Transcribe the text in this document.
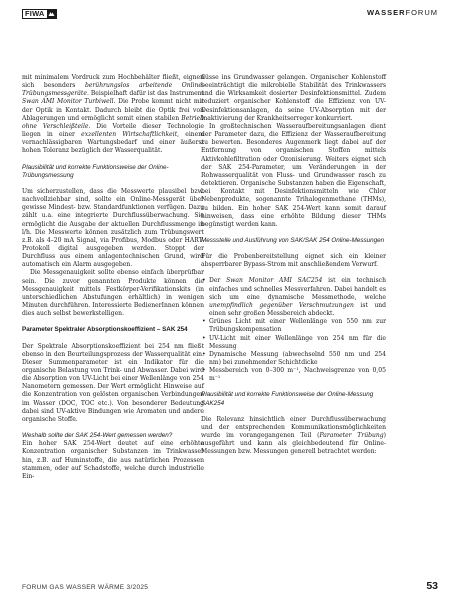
FIWA	WASSERFORUM

mit minimalem Vordruck zum Hochbehälter fließt, eignen sich besonders berührungslos arbeitende Online-Trübungsmessgeräte. Beispielhaft dafür ist das Instrument Swan AMI Monitor Turbiwell. Die Probe kommt nicht mit der Optik in Kontakt. Dadurch bleibt die Optik frei von Ablagerungen und ermöglicht somit einen stabilen Betrieb ohne Verschleißteile. Die Vorteile dieser Technologie liegen in einer exzellenten Wirtschaftlichkeit, einem vernachlässigbaren Wartungsbedarf und einer äußerst hohen Toleranz bezüglich der Wasserqualität.

Plausibilität und korrekte Funktionsweise der Online-Trübungsmessung

Um sicherzustellen, dass die Messwerte plausibel bzw. nachvollziehbar sind, sollte ein Online-Messgerät über gewisse Mindest- bzw. Standardfunktionen verfügen. Dazu zählt u.a. eine integrierte Durchflussüberwachung. Sie ermöglicht die Ausgabe der aktuellen Durchflussmenge in l/h. Die Messwerte können zusätzlich zum Trübungswert z.B. als 4–20 mA Signal, via Profibus, Modbus oder HART-Protokoll digital ausgegeben werden. Stoppt der Durchfluss aus einem anlagentechnischen Grund, wird automatisch ein Alarm ausgegeben.

Die Messgenauigkeit sollte ebenso einfach überprüfbar sein. Die zuvor genannten Produkte können die Messgenauigkeit mittels Festkörper-Verifikationskits (in unterschiedlichen Abstufungen erhältlich) in wenigen Minuten durchführen. Interessierte BedienerInnen können dies auch selbst bewerkstelligen.

Parameter Spektraler Absorptionskoeffizient – SAK 254

Der Spektrale Absorptionskoeffizient bei 254 nm fließt ebenso in den Beurteilungsprozess der Wasserqualität ein. Dieser Summenparameter ist ein Indikator für die organische Belastung von Trink- und Abwasser. Dabei wird die Absorption von UV-Licht bei einer Wellenlänge von 254 Nanometern gemessen. Der Wert ermöglicht Hinweise auf die Konzentration von gelösten organischen Verbindungen im Wasser (DOC, TOC etc.). Von besonderer Bedeutung dabei sind UV-aktive Bindungen wie Aromaten und andere organische Stoffe.

Weshalb sollte der SAK 254-Wert gemessen werden?

Ein hoher SAK 254-Wert deutet auf eine erhöhte Konzentration organischer Substanzen im Trinkwasser hin, z.B. auf Huminstoffe, die aus natürlichen Prozessen stammen, oder auf Schadstoffe, welche durch industrielle Ein-

flüsse ins Grundwasser gelangen. Organischer Kohlenstoff beeinträchtigt die mikrobielle Stabilität des Trinkwassers und die Wirksamkeit dosierter Desinfektionsmittel. Zudem reduziert organischer Kohlenstoff die Effizienz von UV-Desinfektionsanlagen, da seine UV-Absorption mit der Inaktivierung der Krankheitserreger konkurriert.

In großtechnischen Wasseraufbereitungsanlagen dient der Parameter dazu, die Effizienz der Wasseraufbereitung zu bewerten. Besonderes Augenmerk liegt dabei auf der Entfernung von organischen Stoffen mittels Aktivkohlefiltration oder Ozonisierung. Weiters eignet sich der SAK 254-Parameter, um Veränderungen in der Rohwasserqualität von Fluss- und Grundwasser rasch zu detektieren. Organische Substanzen haben die Eigenschaft, bei Kontakt mit Desinfektionsmitteln wie Chlor Nebenprodukte, sogenannte Trihalogenmethane (THMs), zu bilden. Ein hoher SAK 254-Wert kann somit darauf hinweisen, dass eine erhöhte Bildung dieser THMs begünstigt werden kann.

Messstelle und Ausführung von SAK/SAK 254 Online-Messungen

Für die Probenbereitstellung eignet sich ein kleiner absperrbarer Bypass-Strom mit anschließendem Verwurf.

• Der Swan Monitor AMI SAC254 ist ein technisch einfaches und schnelles Messverfahren. Dabei handelt es sich um eine dynamische Messmethode, welche unempfindlich gegenüber Verschmutzungen ist und einen sehr großen Messbereich abdeckt.
• Grünes Licht mit einer Wellenlänge von 550 nm zur Trübungskompensation
• UV-Licht mit einer Wellenlänge von 254 nm für die Messung
• Dynamische Messung (abwechselnd 550 nm und 254 nm) bei zunehmender Schichtdicke
• Messbereich von 0–300 m⁻¹, Nachweisgrenze von 0,05 m⁻¹
Plausibilität und korrekte Funktionsweise der Online-Messung SAK254

Die Relevanz hinsichtlich einer Durchflussüberwachung und der entsprechenden Kommunikationsmöglichkeiten wurde im vorangegangenen Teil (Parameter Trübung) ausgeführt und kann als gleichbedeutend für Online-Messungen bzw. Messungen generell betrachtet werden:

FORUM GAS WASSER WÄRME 3/2025	53
